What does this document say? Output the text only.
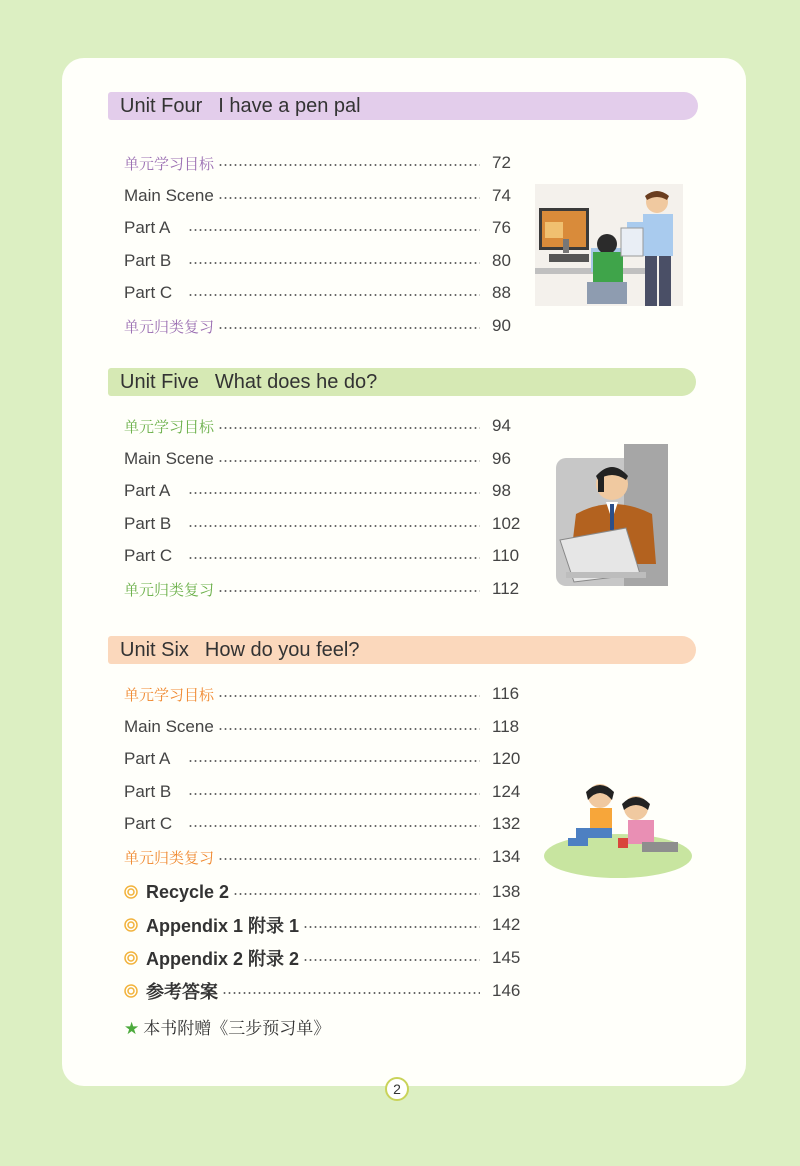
Unit Four I have a pen pal
Unit Five What does he do?
Unit Six How do you feel?
单元学习目标	72
Main Scene	74
Part A	76
Part B	80
Part C	88
单元归类复习	90
单元学习目标	94
Main Scene	96
Part A	98
Part B	102
Part C	110
单元归类复习	112
单元学习目标	116
Main Scene	118
Part A	120
Part B	124
Part C	132
单元归类复习	134
Recycle 2	138
Appendix 1 附录 1	142
Appendix 2 附录 2	145
参考答案	146
★ 本书附赠《三步预习单》
2
